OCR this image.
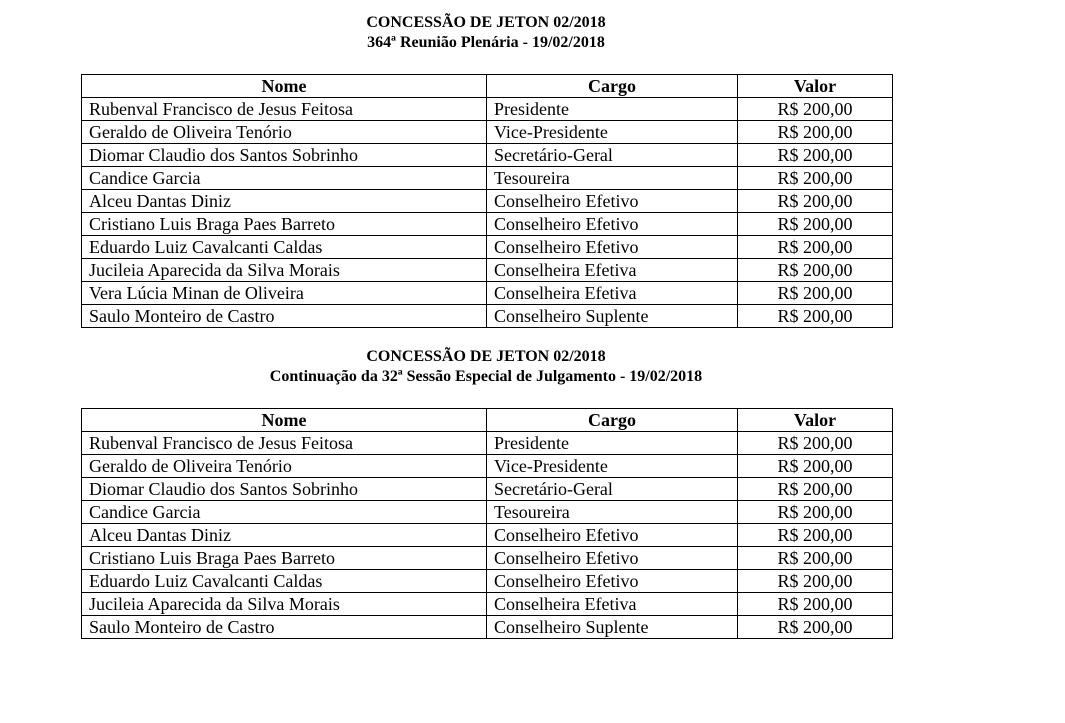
CONCESSÃO DE JETON 02/2018
364ª Reunião Plenária - 19/02/2018
Nome	Cargo	Valor
Rubenval Francisco de Jesus Feitosa	Presidente	R$ 200,00
Geraldo de Oliveira Tenório	Vice-Presidente	R$ 200,00
Diomar Claudio dos Santos Sobrinho	Secretário-Geral	R$ 200,00
Candice Garcia	Tesoureira	R$ 200,00
Alceu Dantas Diniz	Conselheiro Efetivo	R$ 200,00
Cristiano Luis Braga Paes Barreto	Conselheiro Efetivo	R$ 200,00
Eduardo Luiz Cavalcanti Caldas	Conselheiro Efetivo	R$ 200,00
Jucileia Aparecida da Silva Morais	Conselheira Efetiva	R$ 200,00
Vera Lúcia Minan de Oliveira	Conselheira Efetiva	R$ 200,00
Saulo Monteiro de Castro	Conselheiro Suplente	R$ 200,00
CONCESSÃO DE JETON 02/2018
Continuação da 32ª Sessão Especial de Julgamento - 19/02/2018
Nome	Cargo	Valor
Rubenval Francisco de Jesus Feitosa	Presidente	R$ 200,00
Geraldo de Oliveira Tenório	Vice-Presidente	R$ 200,00
Diomar Claudio dos Santos Sobrinho	Secretário-Geral	R$ 200,00
Candice Garcia	Tesoureira	R$ 200,00
Alceu Dantas Diniz	Conselheiro Efetivo	R$ 200,00
Cristiano Luis Braga Paes Barreto	Conselheiro Efetivo	R$ 200,00
Eduardo Luiz Cavalcanti Caldas	Conselheiro Efetivo	R$ 200,00
Jucileia Aparecida da Silva Morais	Conselheira Efetiva	R$ 200,00
Saulo Monteiro de Castro	Conselheiro Suplente	R$ 200,00
